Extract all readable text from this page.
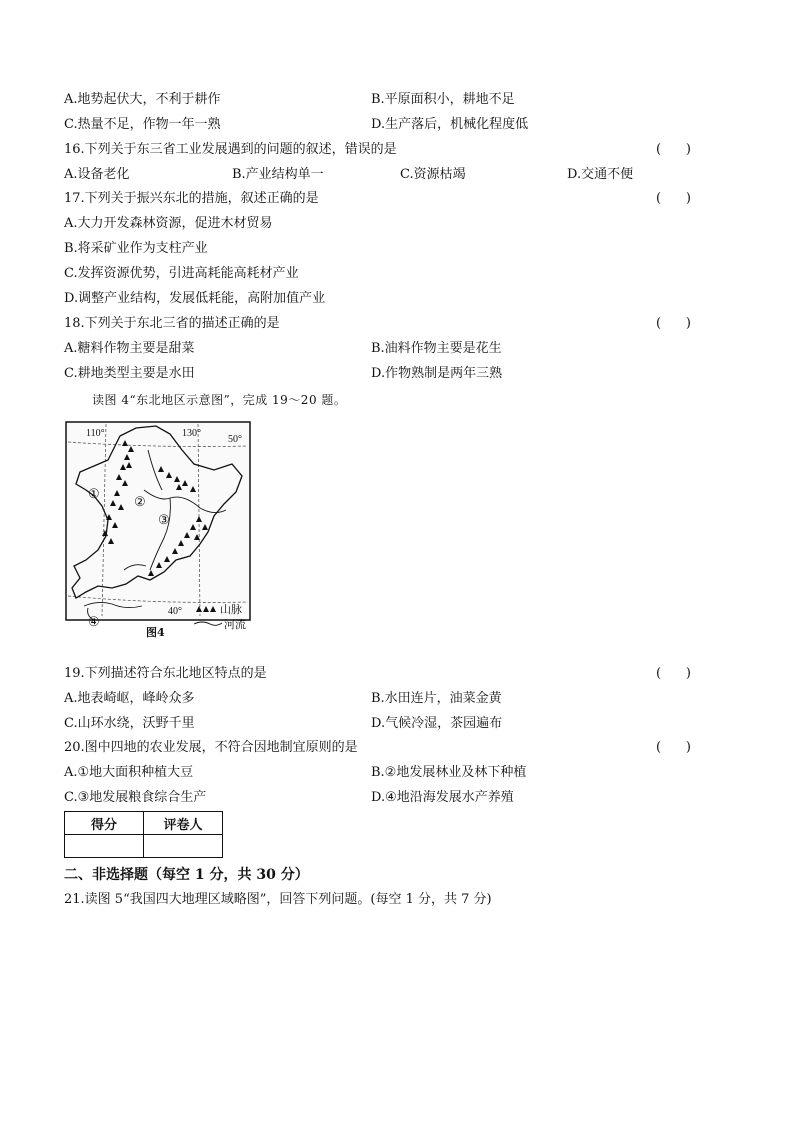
A.地势起伏大，不利于耕作	B.平原面积小，耕地不足
C.热量不足，作物一年一熟	D.生产落后，机械化程度低
16.下列关于东三省工业发展遇到的问题的叙述，错误的是	(      )
A.设备老化	B.产业结构单一	C.资源枯竭	D.交通不便
17.下列关于振兴东北的措施，叙述正确的是	(      )
A.大力开发森林资源，促进木材贸易
B.将采矿业作为支柱产业
C.发挥资源优势，引进高耗能高耗材产业
D.调整产业结构，发展低耗能，高附加值产业
18.下列关于东北三省的描述正确的是	(      )
A.糖料作物主要是甜菜	B.油料作物主要是花生
C.耕地类型主要是水田	D.作物熟制是两年三熟
读图 4“东北地区示意图”，完成 19～20 题。
110°	130°
50°
40°
①
②
③
④
山脉
河流
图4
19.下列描述符合东北地区特点的是	(      )
A.地表崎岖，峰岭众多	B.水田连片，油菜金黄
C.山环水绕，沃野千里	D.气候冷湿，茶园遍布
20.图中四地的农业发展，不符合因地制宜原则的是	(      )
A.①地大面积种植大豆	B.②地发展林业及林下种植
C.③地发展粮食综合生产	D.④地沿海发展水产养殖
得分	评卷人

二、非选择题（每空 1 分，共 30 分）
21.读图 5“我国四大地理区域略图”，回答下列问题。(每空 1 分，共 7 分)
